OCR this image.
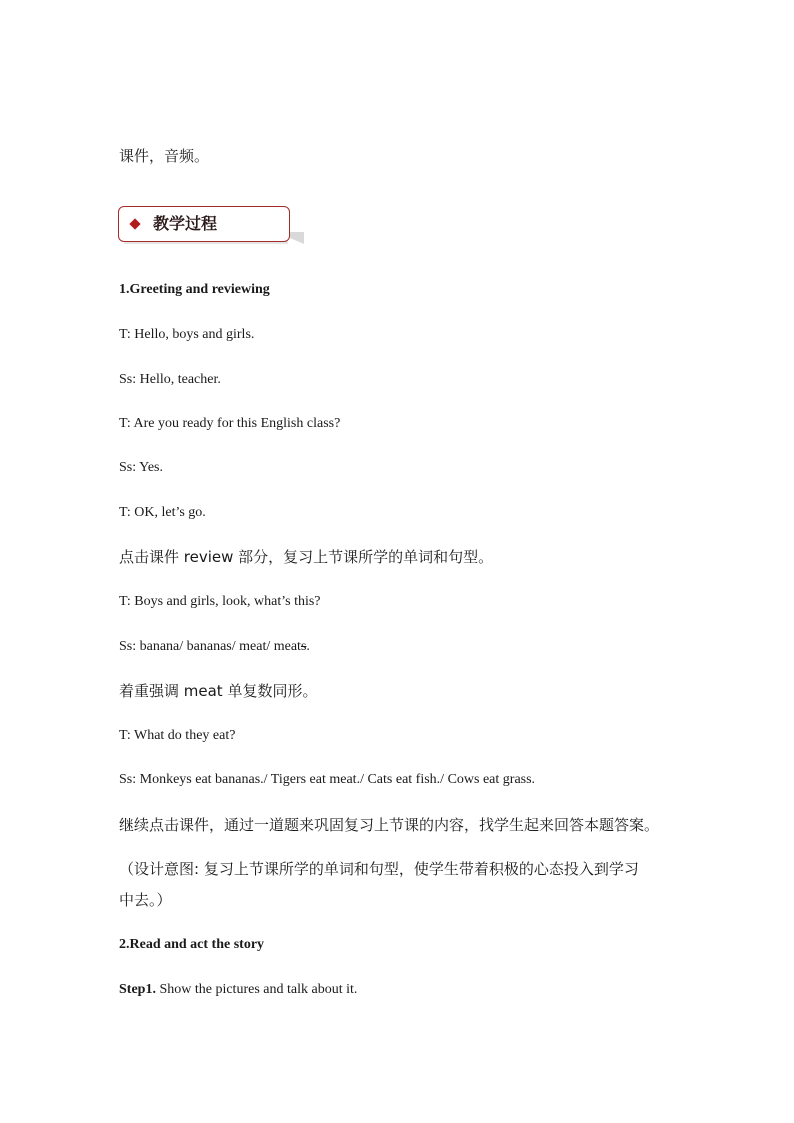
课件，音频。
教学过程
1.Greeting and reviewing
T: Hello, boys and girls.
Ss: Hello, teacher.
T: Are you ready for this English class?
Ss: Yes.
T: OK, let’s go.
点击课件 review 部分，复习上节课所学的单词和句型。
T: Boys and girls, look, what’s this?
Ss: banana/ bananas/ meat/ meats.
着重强调 meat 单复数同形。
T: What do they eat?
Ss: Monkeys eat bananas./ Tigers eat meat./ Cats eat fish./ Cows eat grass.
继续点击课件，通过一道题来巩固复习上节课的内容，找学生起来回答本题答案。
（设计意图: 复习上节课所学的单词和句型，使学生带着积极的心态投入到学习
中去。）
2.Read and act the story
Step1. Show the pictures and talk about it.
